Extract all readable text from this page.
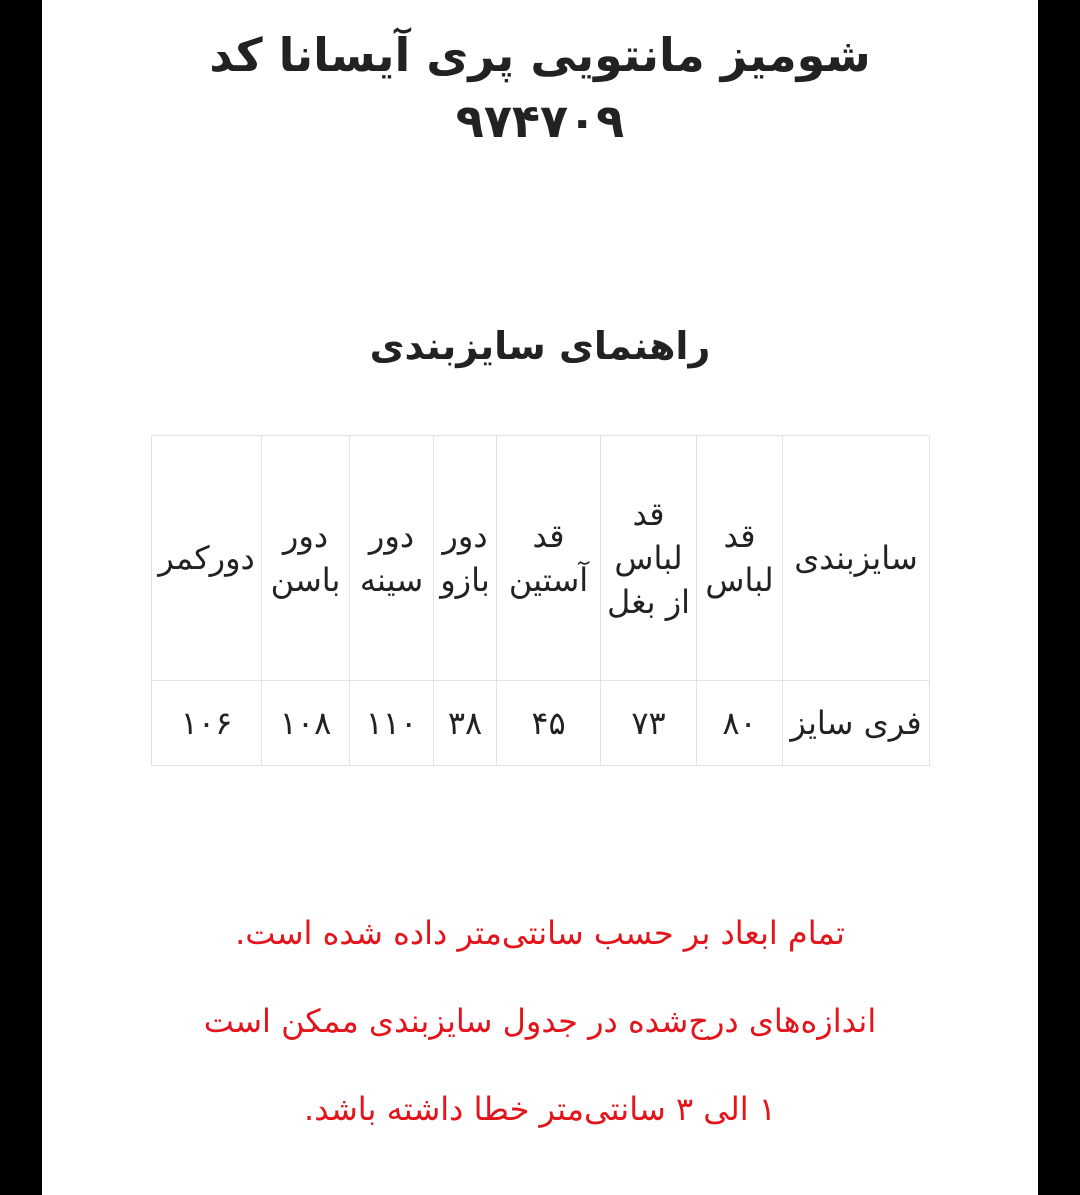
شومیز مانتویی پری آیسانا کد
۹۷۴۷۰۹
راهنمای سایزبندی
سایزبندی	قد لباس	قد لباس از بغل	قد آستین	دور بازو	دور سینه	دور باسن	دورکمر
فری سایز	۸۰	۷۳	۴۵	۳۸	۱۱۰	۱۰۸	۱۰۶
تمام ابعاد بر حسب سانتی‌متر داده شده است.
اندازه‌های درج‌شده در جدول سایزبندی ممکن است
۱ الی ۳ سانتی‌متر خطا داشته باشد.
